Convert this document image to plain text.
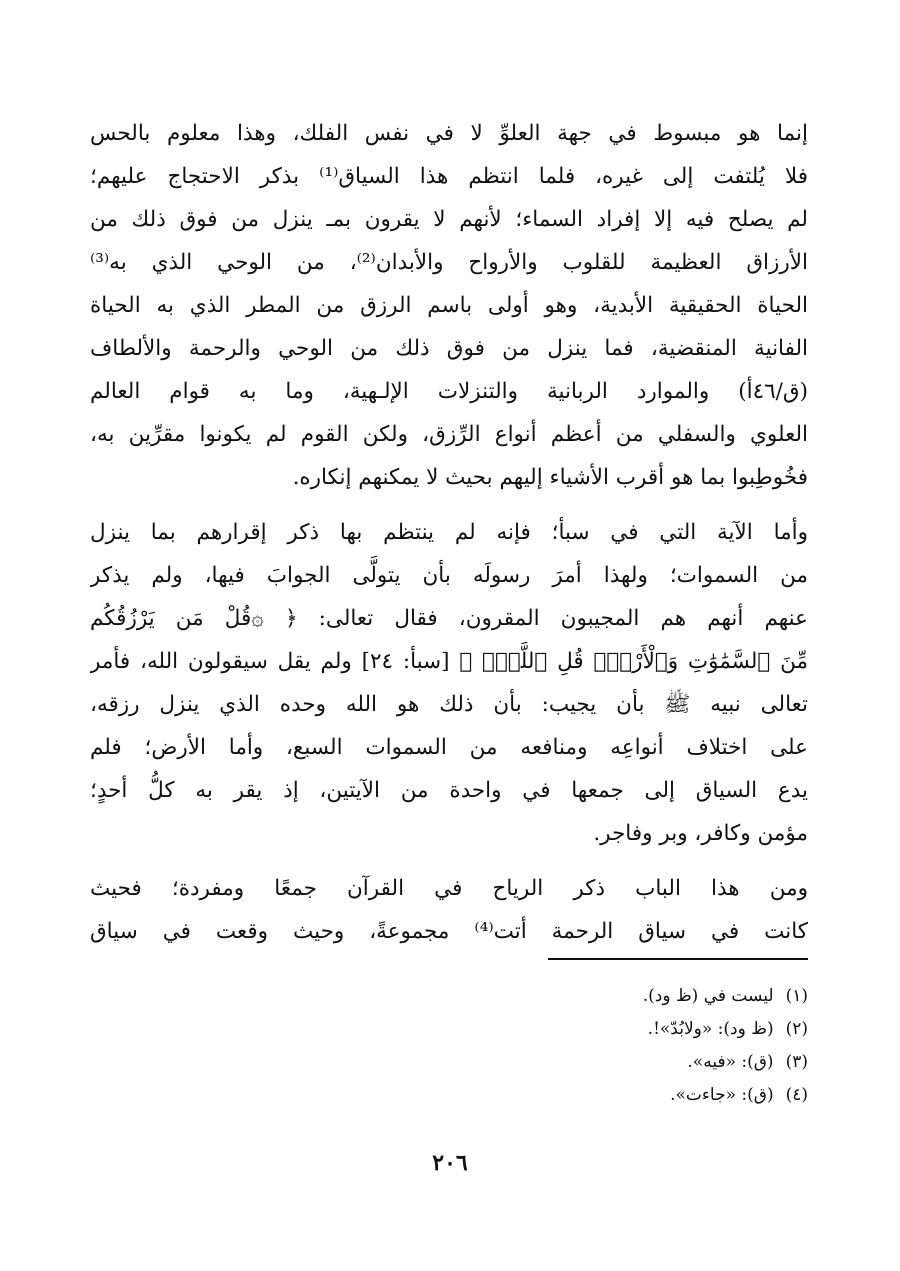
إنما هو مبسوط في جهة العلوِّ لا في نفس الفلك، وهذا معلوم بالحس
فلا يُلتفت إلى غيره، فلما انتظم هذا السياق⁽¹⁾ بذكر الاحتجاج عليهم؛
لم يصلح فيه إلا إفراد السماء؛ لأنهم لا يقرون بمـ ينزل من فوق ذلك من
الأرزاق العظيمة للقلوب والأرواح والأبدان⁽²⁾، من الوحي الذي به⁽³⁾
الحياة الحقيقية الأبدية، وهو أولى باسم الرزق من المطر الذي به الحياة
الفانية المنقضية، فما ينزل من فوق ذلك من الوحي والرحمة والألطاف
(ق/٤٦أ) والموارد الربانية والتنزلات الإلـهية، وما به قوام العالم
العلوي والسفلي من أعظم أنواع الرِّزق، ولكن القوم لم يكونوا مقرِّين به،
فخُوطِبوا بما هو أقرب الأشياء إليهم بحيث لا يمكنهم إنكاره.
وأما الآية التي في سبأ؛ فإنه لم ينتظم بها ذكر إقرارهم بما ينزل
من السموات؛ ولهذا أمرَ رسولَه بأن يتولَّى الجوابَ فيها، ولم يذكر
عنهم أنهم هم المجيبون المقرون، فقال تعالى: ﴿ ۞قُلْ مَن يَرْزُقُكُم
مِّنَ ٱلسَّمَٰوَٰتِ وَٱلْأَرْضِۖ قُلِ ٱللَّهُۖ ﴾ [سبأ: ٢٤] ولم يقل سيقولون الله، فأمر
تعالى نبيه ﷺ بأن يجيب: بأن ذلك هو الله وحده الذي ينزل رزقه،
على اختلاف أنواعِه ومنافعه من السموات السبع، وأما الأرض؛ فلم
يدع السياق إلى جمعها في واحدة من الآيتين، إذ يقر به كلُّ أحدٍ؛
مؤمن وكافر، وبر وفاجر.
ومن هذا الباب ذكر الرياح في القرآن جمعًا ومفردة؛ فحيث
كانت في سياق الرحمة أتت⁽⁴⁾ مجموعةً، وحيث وقعت في سياق
(١)ليست في (ظ ود).
(٢)(ظ ود): «ولابُدّ»!.
(٣)(ق): «فيه».
(٤)(ق): «جاءت».
٢٠٦
